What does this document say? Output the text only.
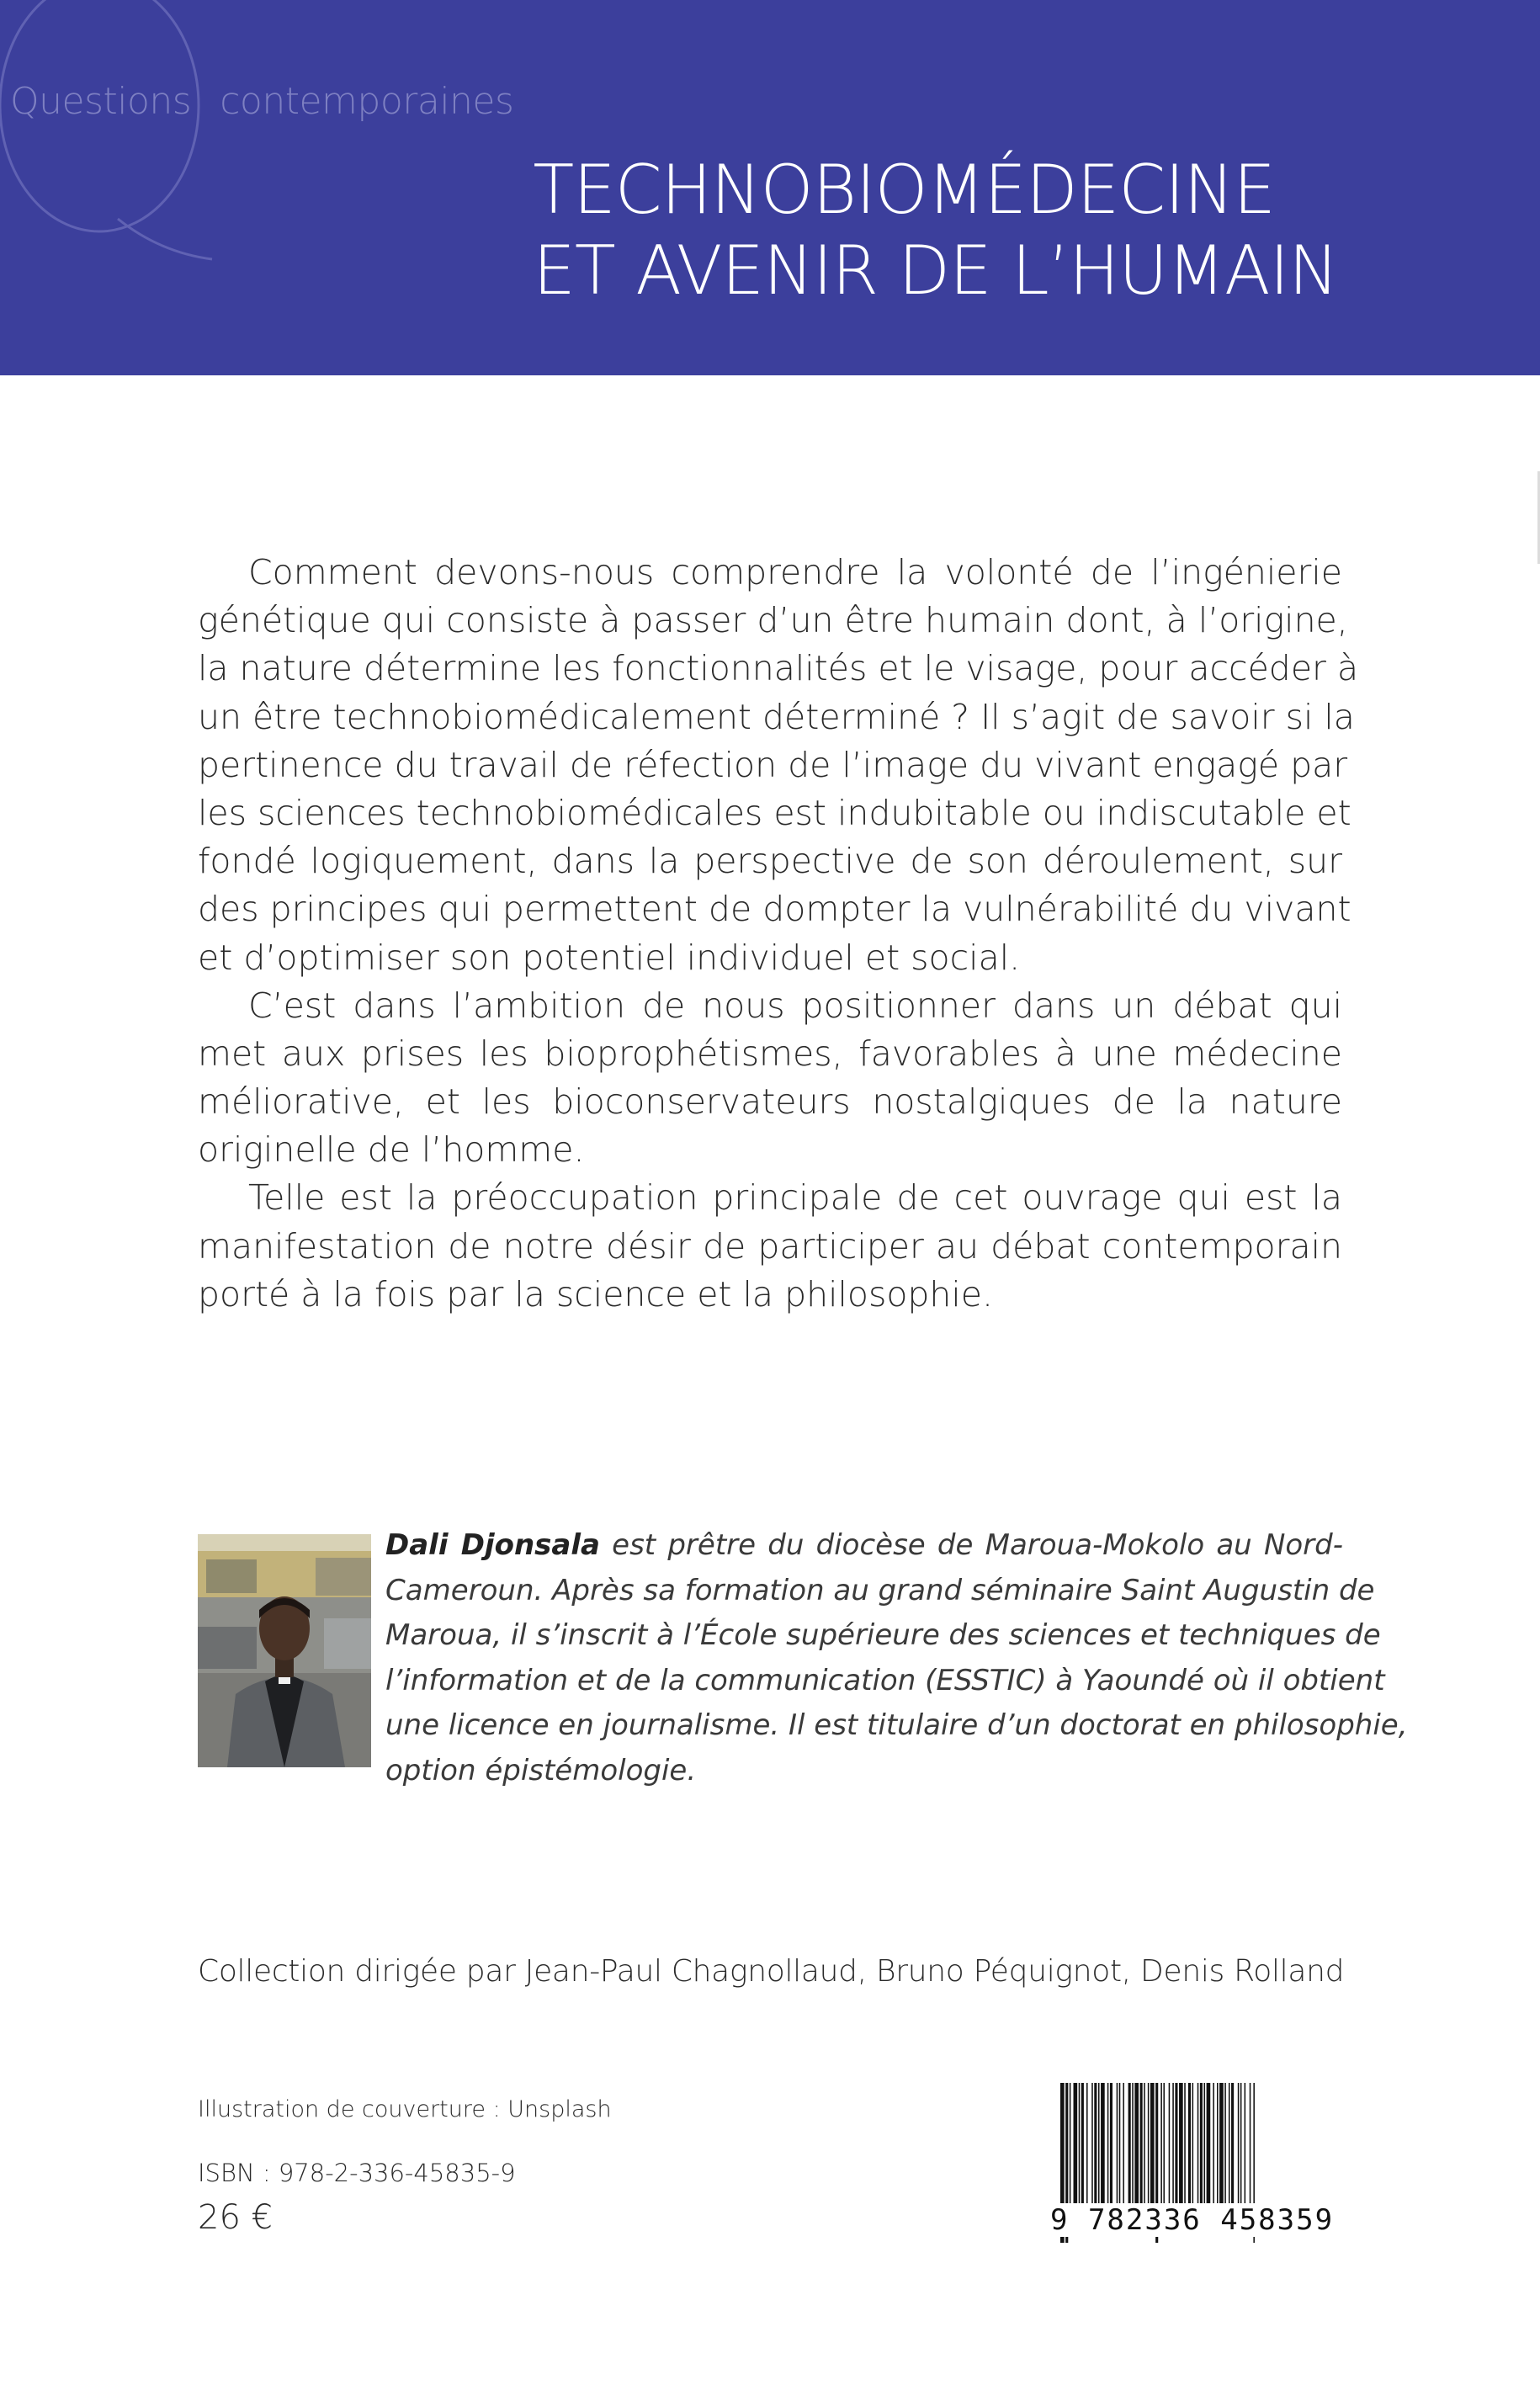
Questions contemporaines
TECHNOBIOMÉDECINE
ET AVENIR DE L’HUMAIN
Comment devons-nous comprendre la volonté de l’ingénierie
génétique qui consiste à passer d’un être humain dont, à l’origine,
la nature détermine les fonctionnalités et le visage, pour accéder à
un être technobiomédicalement déterminé ? Il s’agit de savoir si la
pertinence du travail de réfection de l’image du vivant engagé par
les sciences technobiomédicales est indubitable ou indiscutable et
fondé logiquement, dans la perspective de son déroulement, sur
des principes qui permettent de dompter la vulnérabilité du vivant
et d’optimiser son potentiel individuel et social.
C’est dans l’ambition de nous positionner dans un débat qui
met aux prises les bioprophétismes, favorables à une médecine
méliorative, et les bioconservateurs nostalgiques de la nature
originelle de l’homme.
Telle est la préoccupation principale de cet ouvrage qui est la
manifestation de notre désir de participer au débat contemporain
porté à la fois par la science et la philosophie.
Dali Djonsala est prêtre du diocèse de Maroua-Mokolo au Nord-
Cameroun. Après sa formation au grand séminaire Saint Augustin de
Maroua, il s’inscrit à l’École supérieure des sciences et techniques de
l’information et de la communication (ESSTIC) à Yaoundé où il obtient
une licence en journalisme. Il est titulaire d’un doctorat en philosophie,
option épistémologie.
Collection dirigée par Jean-Paul Chagnollaud, Bruno Péquignot, Denis Rolland
Illustration de couverture : Unsplash
ISBN : 978-2-336-45835-9
26 €	9 782336 458359
